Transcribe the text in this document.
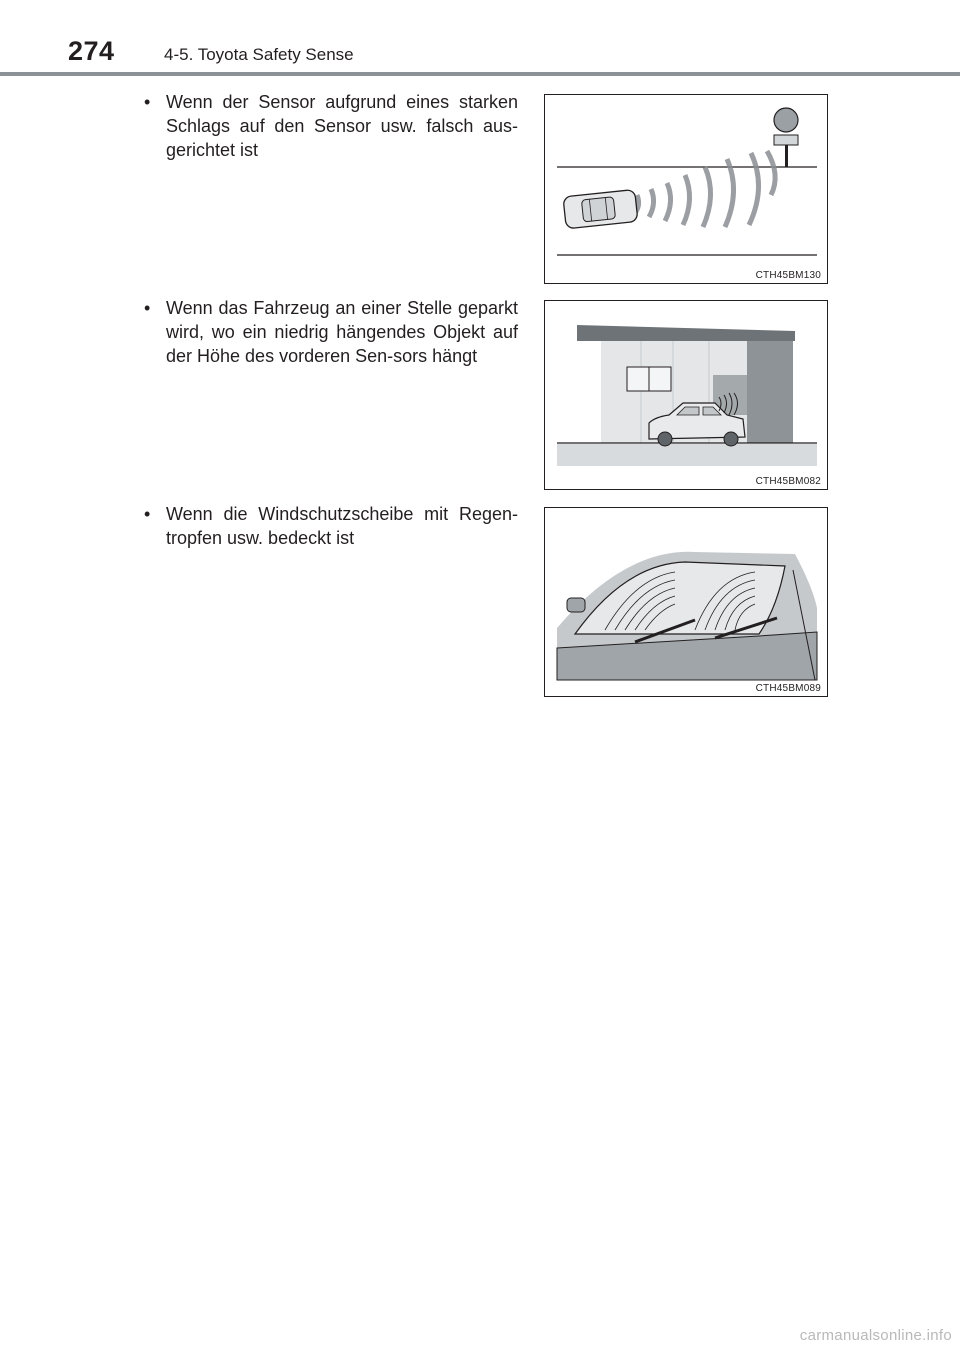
274	4-5. Toyota Safety Sense
• Wenn der Sensor aufgrund eines starken Schlags auf den Sensor usw. falsch aus-gerichtet ist
CTH45BM130
• Wenn das Fahrzeug an einer Stelle geparkt wird, wo ein niedrig hängendes Objekt auf der Höhe des vorderen Sen-sors hängt
CTH45BM082
• Wenn die Windschutzscheibe mit Regen-tropfen usw. bedeckt ist
CTH45BM089
carmanualsonline.info
